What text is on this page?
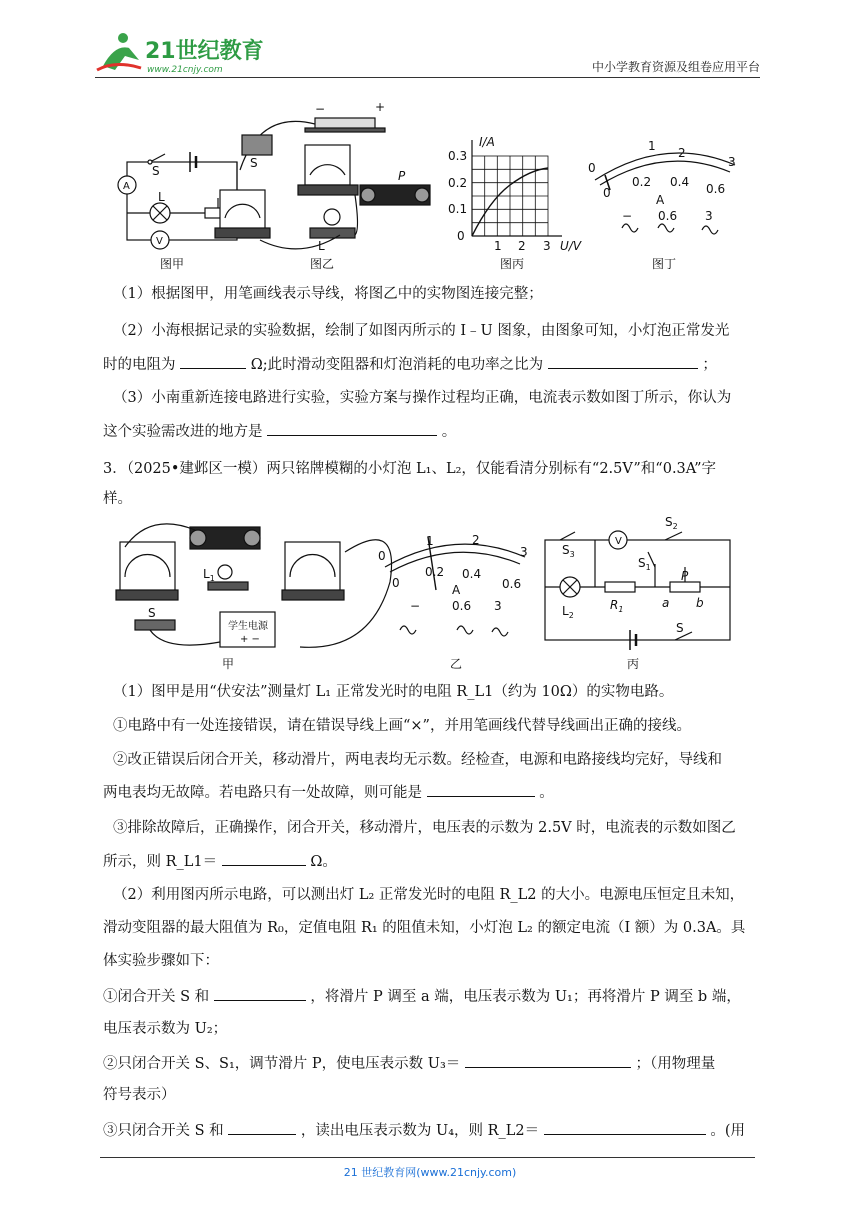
21世纪教育
www.21cnjy.com	中小学教育资源及组卷应用平台
A
S
L
V
图甲
S
L
P
−	+
图乙
I/A
U/V
0.3
0.2
0.1
0
1 2 3
图丙
0
1 2
3
0
0.2 0.4 0.6
A
− 0.6 3
图丁
（1）根据图甲，用笔画线表示导线，将图乙中的实物图连接完整；
（2）小海根据记录的实验数据，绘制了如图丙所示的 I﹣U 图象，由图象可知，小灯泡正常发光
时的电阻为	Ω;此时滑动变阻器和灯泡消耗的电功率之比为	；
（3）小南重新连接电路进行实验，实验方案与操作过程均正确，电流表示数如图丁所示，你认为
这个实验需改进的地方是	。
3．（2025•建邺区一模）两只铭牌模糊的小灯泡 L₁、L₂，仅能看清分别标有“2.5V”和“0.3A”字
样。
$L_1$
S
学生电源
+ −
甲
0
1	2
3
0
0.2 0.4
0.6
A
−	0.6 3
乙
$S_3$
V
$S_2$
$S_1$
P
$L_2$
$R_1$	a b
S
丙
（1）图甲是用“伏安法”测量灯 L₁ 正常发光时的电阻 R_L1（约为 10Ω）的实物电路。
①电路中有一处连接错误，请在错误导线上画“×”，并用笔画线代替导线画出正确的接线。
②改正错误后闭合开关，移动滑片，两电表均无示数。经检查，电源和电路接线均完好，导线和
两电表均无故障。若电路只有一处故障，则可能是	。
③排除故障后，正确操作，闭合开关，移动滑片，电压表的示数为 2.5V 时，电流表的示数如图乙
所示，则 R_L1＝	Ω。
（2）利用图丙所示电路，可以测出灯 L₂ 正常发光时的电阻 R_L2 的大小。电源电压恒定且未知，
滑动变阻器的最大阻值为 R₀，定值电阻 R₁ 的阻值未知，小灯泡 L₂ 的额定电流（I 额）为 0.3A。具
体实验步骤如下：
①闭合开关 S 和	，将滑片 P 调至 a 端，电压表示数为 U₁；再将滑片 P 调至 b 端，
电压表示数为 U₂；
②只闭合开关 S、S₁，调节滑片 P，使电压表示数 U₃＝	；（用物理量
符号表示）
③只闭合开关 S 和	，读出电压表示数为 U₄，则 R_L2＝	。(用
21 世纪教育网(www.21cnjy.com)
